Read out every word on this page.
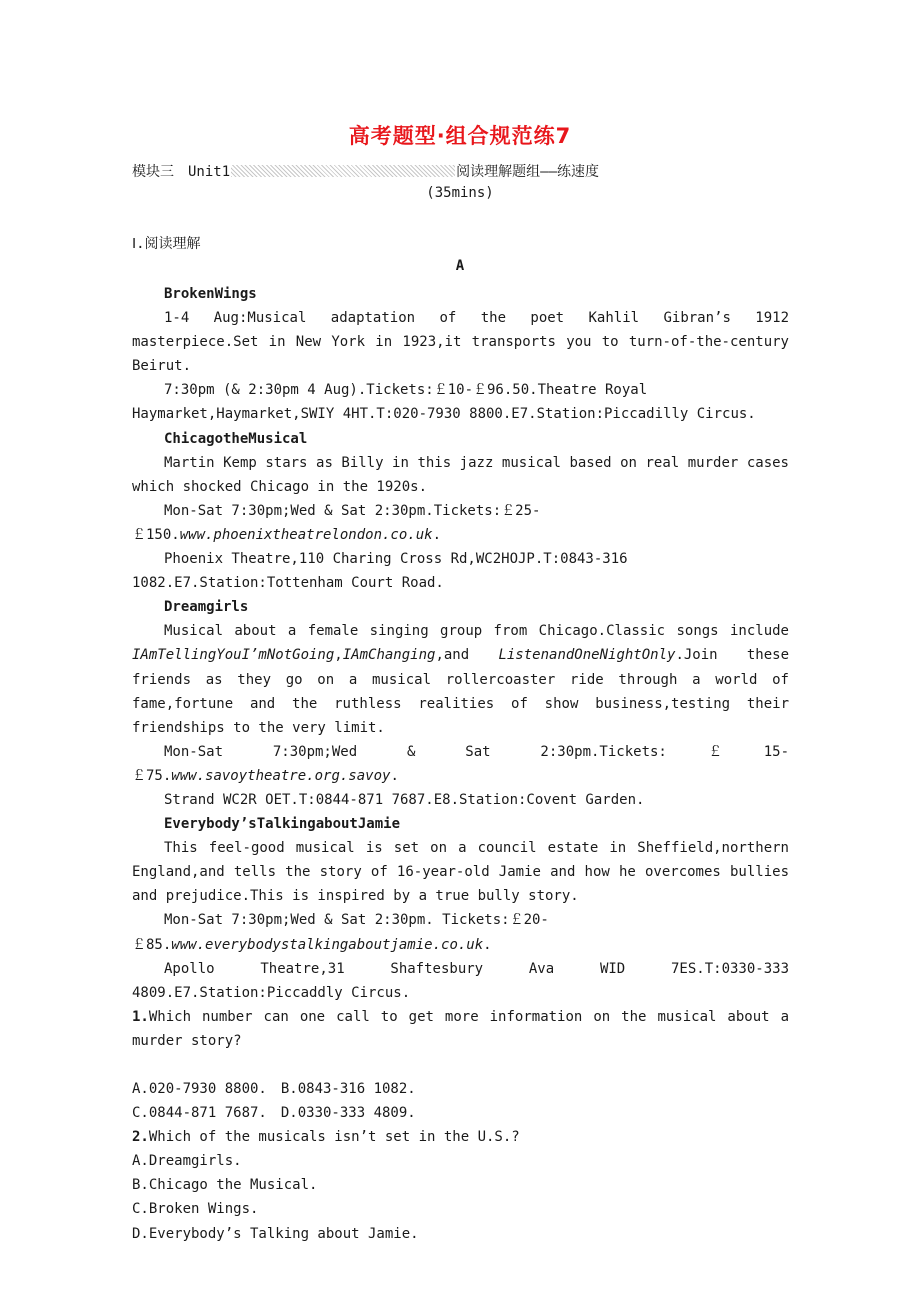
高考题型·组合规范练7
模块三　Unit1	阅读理解题组——练速度
(35mins)
Ⅰ.阅读理解
A

BrokenWings

1-4 Aug:Musical adaptation of the poet Kahlil Gibran’s 1912 masterpiece.Set in New York in 1923,it transports you to turn-of-the-century Beirut.

7:30pm (& 2:30pm 4 Aug).Tickets:￡10-￡96.50.Theatre Royal

Haymarket,Haymarket,SWIY 4HT.T:020-7930 8800.E7.Station:Piccadilly Circus.

ChicagotheMusical

Martin Kemp stars as Billy in this jazz musical based on real murder cases which shocked Chicago in the 1920s.

Mon-Sat 7:30pm;Wed & Sat 2:30pm.Tickets:￡25-

￡150.www.phoenixtheatrelondon.co.uk.

Phoenix Theatre,110 Charing Cross Rd,WC2HOJP.T:0843-316

1082.E7.Station:Tottenham Court Road.

Dreamgirls

Musical about a female singing group from Chicago.Classic songs include IAmTellingYouI’mNotGoing,IAmChanging,and ListenandOneNightOnly.Join these friends as they go on a musical rollercoaster ride through a world of fame,fortune and the ruthless realities of show business,testing their friendships to the very limit.

Mon-Sat 7:30pm;Wed & Sat 2:30pm.Tickets:￡15-￡75.www.savoytheatre.org.savoy.

Strand WC2R OET.T:0844-871 7687.E8.Station:Covent Garden.

Everybody’sTalkingaboutJamie

This feel-good musical is set on a council estate in Sheffield,northern England,and tells the story of 16-year-old Jamie and how he overcomes bullies and prejudice.This is inspired by a true bully story.

Mon-Sat 7:30pm;Wed & Sat 2:30pm. Tickets:￡20-

￡85.www.everybodystalkingaboutjamie.co.uk.

Apollo Theatre,31 Shaftesbury Ava WID 7ES.T:0330-333 4809.E7.Station:Piccaddly Circus.

1.Which number can one call to get more information on the musical about a murder story?

A.020-7930 8800.　B.0843-316 1082.

C.0844-871 7687.　D.0330-333 4809.

2.Which of the musicals isn’t set in the U.S.?

A.Dreamgirls.

B.Chicago the Musical.

C.Broken Wings.

D.Everybody’s Talking about Jamie.
